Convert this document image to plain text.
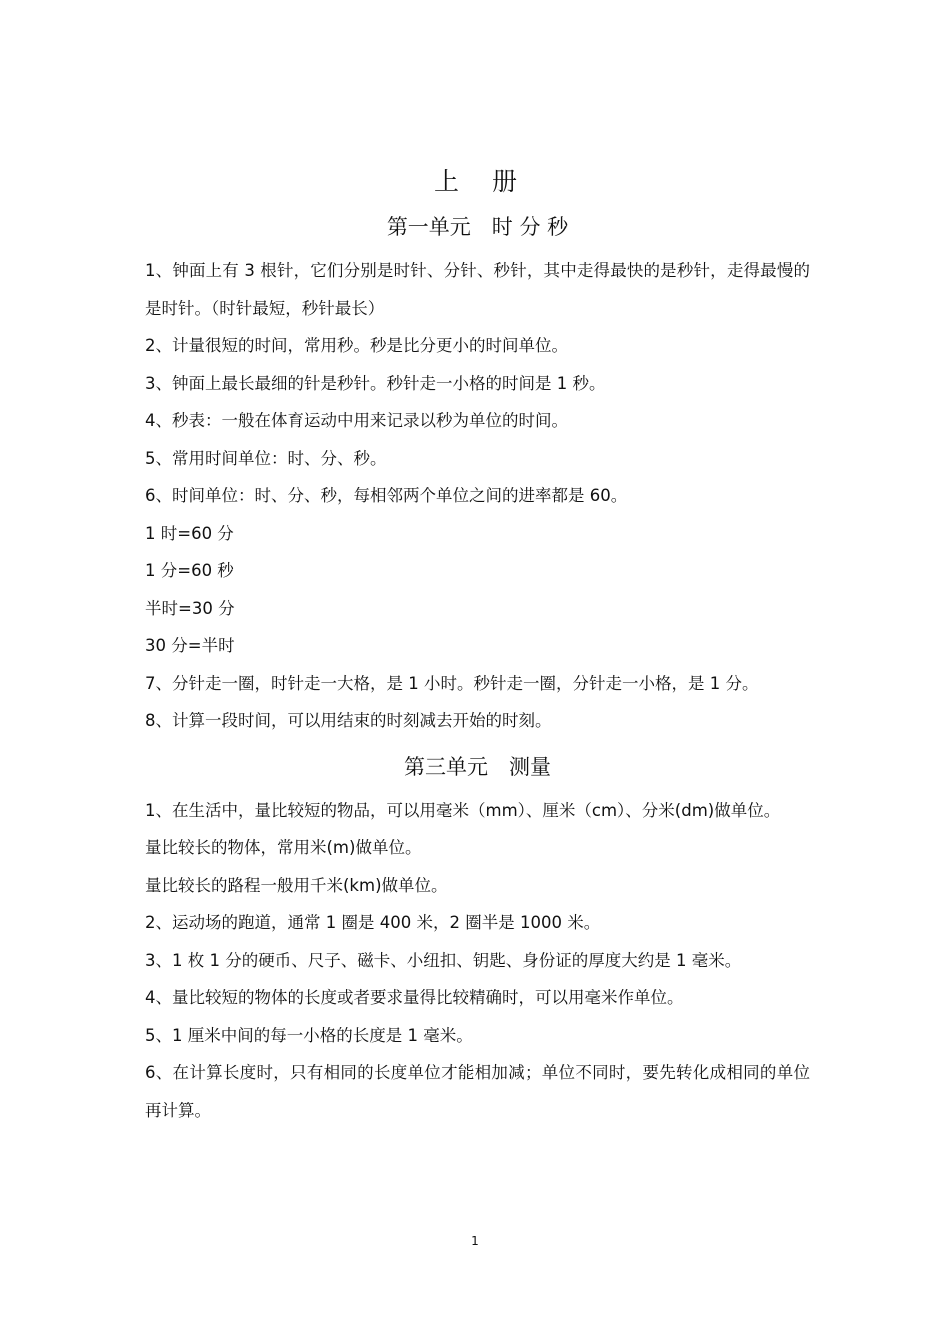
上　册
第一单元　时 分 秒

1、钟面上有 3 根针，它们分别是时针、分针、秒针，其中走得最快的是秒针，走得最慢的是时针。（时针最短，秒针最长）

2、计量很短的时间，常用秒。秒是比分更小的时间单位。

3、钟面上最长最细的针是秒针。秒针走一小格的时间是 1 秒。

4、秒表：一般在体育运动中用来记录以秒为单位的时间。

5、常用时间单位：时、分、秒。

6、时间单位：时、分、秒，每相邻两个单位之间的进率都是 60。

1 时=60 分

1 分=60 秒

半时=30 分

30 分=半时

7、分针走一圈，时针走一大格，是 1 小时。秒针走一圈，分针走一小格，是 1 分。

8、计算一段时间，可以用结束的时刻减去开始的时刻。

第三单元　测量

1、在生活中，量比较短的物品，可以用毫米（mm）、厘米（cm）、分米(dm)做单位。

量比较长的物体，常用米(m)做单位。

量比较长的路程一般用千米(km)做单位。

2、运动场的跑道，通常 1 圈是 400 米，2 圈半是 1000 米。

3、1 枚 1 分的硬币、尺子、磁卡、小纽扣、钥匙、身份证的厚度大约是 1 毫米。

4、量比较短的物体的长度或者要求量得比较精确时，可以用毫米作单位。

5、1 厘米中间的每一小格的长度是 1 毫米。

6、在计算长度时，只有相同的长度单位才能相加减；单位不同时，要先转化成相同的单位再计算。

1
